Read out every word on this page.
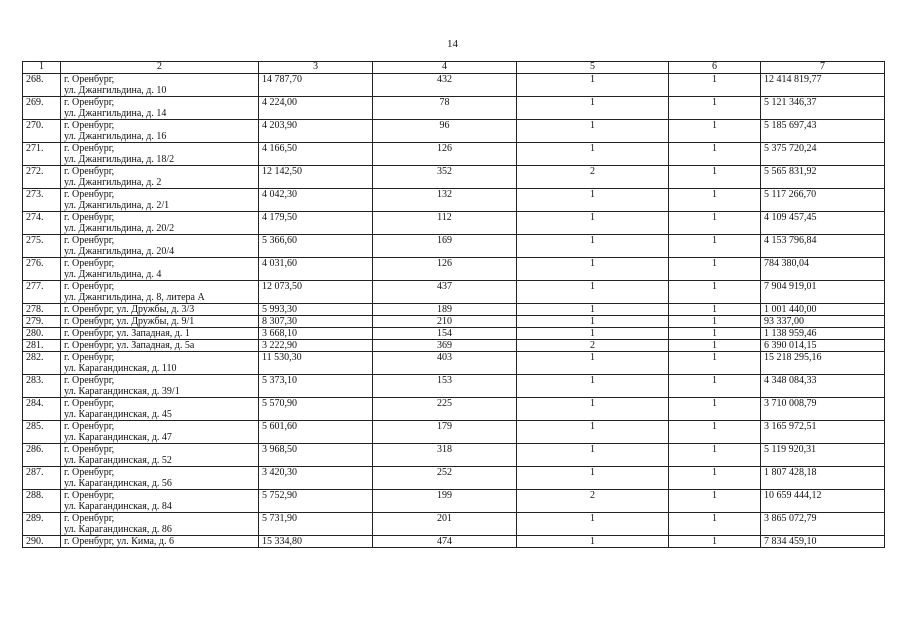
14
1	2	3	4	5	6	7
268.	г. Оренбург,
ул. Джангильдина, д. 10	14 787,70	432	1	1	12 414 819,77
269.	г. Оренбург,
ул. Джангильдина, д. 14	4 224,00	78	1	1	5 121 346,37
270.	г. Оренбург,
ул. Джангильдина, д. 16	4 203,90	96	1	1	5 185 697,43
271.	г. Оренбург,
ул. Джангильдина, д. 18/2	4 166,50	126	1	1	5 375 720,24
272.	г. Оренбург,
ул. Джангильдина, д. 2	12 142,50	352	2	1	5 565 831,92
273.	г. Оренбург,
ул. Джангильдина, д. 2/1	4 042,30	132	1	1	5 117 266,70
274.	г. Оренбург,
ул. Джангильдина, д. 20/2	4 179,50	112	1	1	4 109 457,45
275.	г. Оренбург,
ул. Джангильдина, д. 20/4	5 366,60	169	1	1	4 153 796,84
276.	г. Оренбург,
ул. Джангильдина, д. 4	4 031,60	126	1	1	784 380,04
277.	г. Оренбург,
ул. Джангильдина, д. 8, литера А	12 073,50	437	1	1	7 904 919,01
278.	г. Оренбург, ул. Дружбы, д. 3/3	5 993,30	189	1	1	1 001 440,00
279.	г. Оренбург, ул. Дружбы, д. 9/1	8 307,30	210	1	1	93 337,00
280.	г. Оренбург, ул. Западная, д. 1	3 668,10	154	1	1	1 138 959,46
281.	г. Оренбург, ул. Западная, д. 5а	3 222,90	369	2	1	6 390 014,15
282.	г. Оренбург,
ул. Карагандинская, д. 110	11 530,30	403	1	1	15 218 295,16
283.	г. Оренбург,
ул. Карагандинская, д. 39/1	5 373,10	153	1	1	4 348 084,33
284.	г. Оренбург,
ул. Карагандинская, д. 45	5 570,90	225	1	1	3 710 008,79
285.	г. Оренбург,
ул. Карагандинская, д. 47	5 601,60	179	1	1	3 165 972,51
286.	г. Оренбург,
ул. Карагандинская, д. 52	3 968,50	318	1	1	5 119 920,31
287.	г. Оренбург,
ул. Карагандинская, д. 56	3 420,30	252	1	1	1 807 428,18
288.	г. Оренбург,
ул. Карагандинская, д. 84	5 752,90	199	2	1	10 659 444,12
289.	г. Оренбург,
ул. Карагандинская, д. 86	5 731,90	201	1	1	3 865 072,79
290.	г. Оренбург, ул. Кима, д. 6	15 334,80	474	1	1	7 834 459,10
